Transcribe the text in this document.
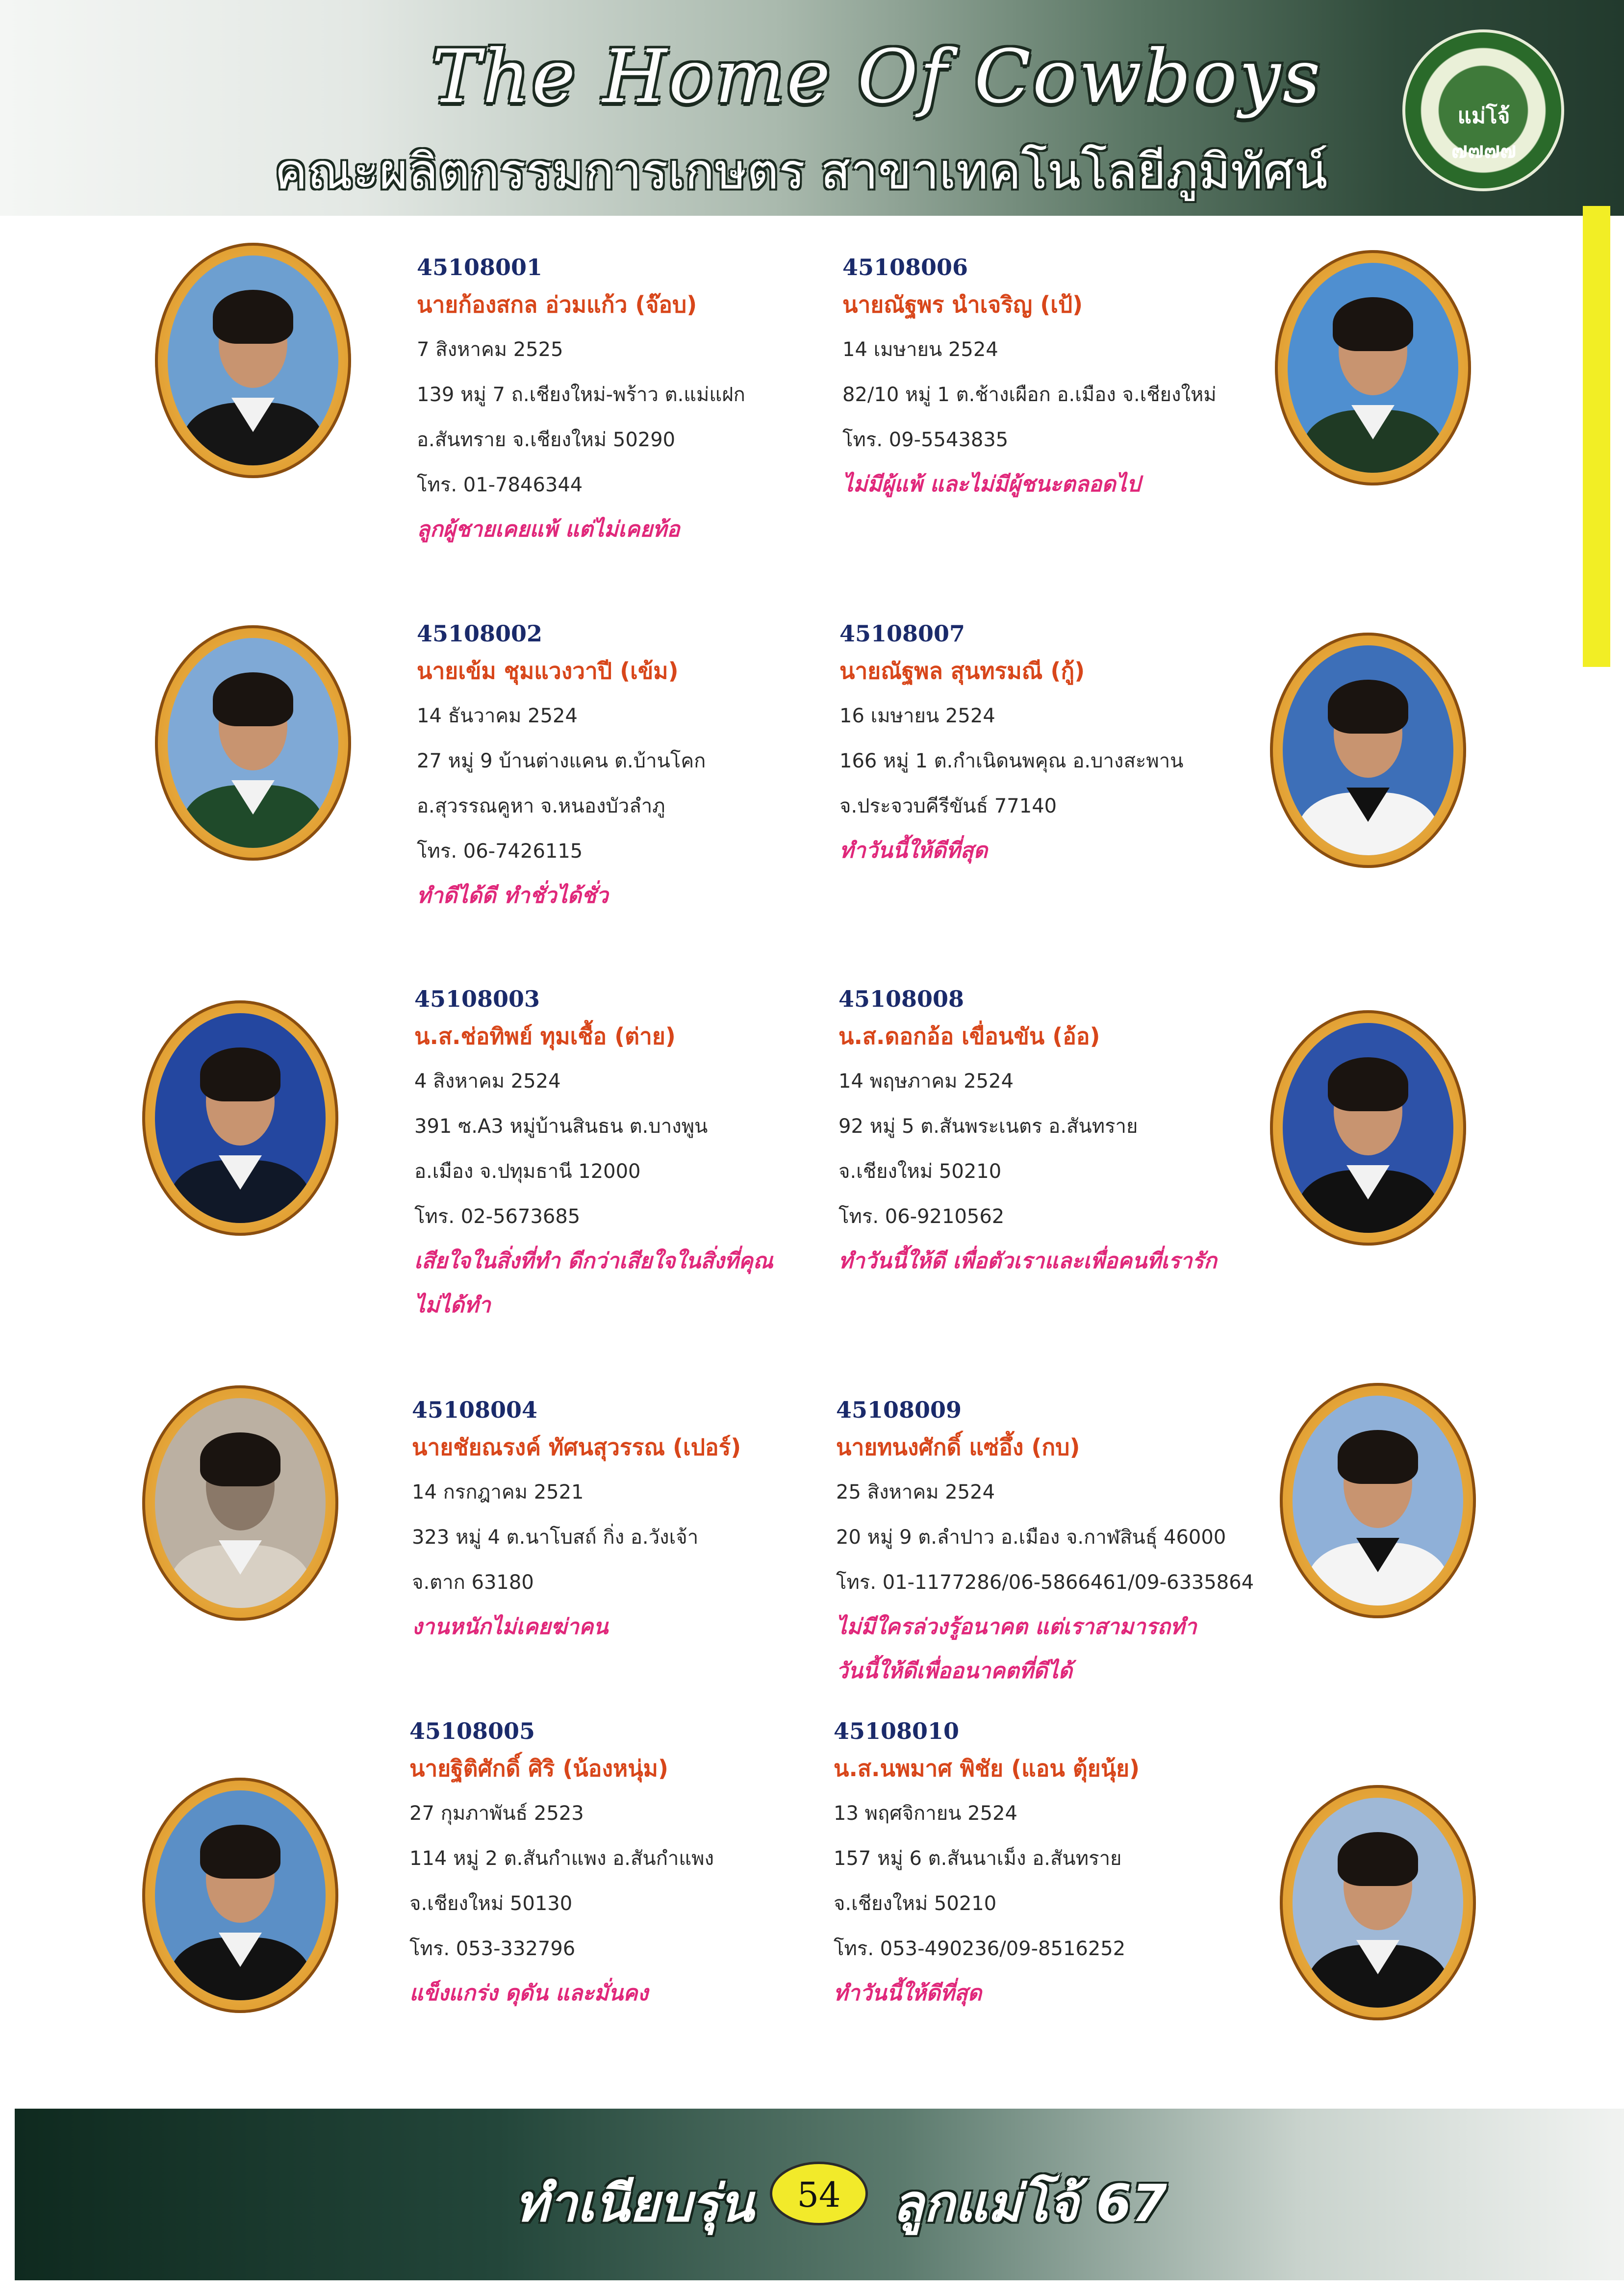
The Home Of Cowboys
คณะผลิตกรรมการเกษตร สาขาเทคโนโลยีภูมิทัศน์
แม่โจ้ ๗๗๗๗
45108001
นายก้องสกล อ่วมแก้ว (จ๊อบ)
7 สิงหาคม 2525
139 หมู่ 7 ถ.เชียงใหม่-พร้าว ต.แม่แฝก
อ.สันทราย จ.เชียงใหม่ 50290
โทร. 01-7846344
ลูกผู้ชายเคยแพ้ แต่ไม่เคยท้อ
45108002
นายเข้ม ชุมแวงวาปี (เข้ม)
14 ธันวาคม 2524
27 หมู่ 9 บ้านต่างแคน ต.บ้านโคก
อ.สุวรรณคูหา จ.หนองบัวลำภู
โทร. 06-7426115
ทำดีได้ดี ทำชั่วได้ชั่ว
45108003
น.ส.ช่อทิพย์ ทุมเชื้อ (ต่าย)
4 สิงหาคม 2524
391 ซ.A3 หมู่บ้านสินธน ต.บางพูน
อ.เมือง จ.ปทุมธานี 12000
โทร. 02-5673685
เสียใจในสิ่งที่ทำ ดีกว่าเสียใจในสิ่งที่คุณไม่ได้ทำ
45108004
นายชัยณรงค์ ทัศนสุวรรณ (เปอร์)
14 กรกฎาคม 2521
323 หมู่ 4 ต.นาโบสถ์ กิ่ง อ.วังเจ้า
จ.ตาก 63180
งานหนักไม่เคยฆ่าคน
45108005
นายฐิติศักดิ์ ศิริ (น้องหนุ่ม)
27 กุมภาพันธ์ 2523
114 หมู่ 2 ต.สันกำแพง อ.สันกำแพง
จ.เชียงใหม่ 50130
โทร. 053-332796
แข็งแกร่ง ดุดัน และมั่นคง
45108006
นายณัฐพร นำเจริญ (เป้)
14 เมษายน 2524
82/10 หมู่ 1 ต.ช้างเผือก อ.เมือง จ.เชียงใหม่
โทร. 09-5543835
ไม่มีผู้แพ้ และไม่มีผู้ชนะตลอดไป
45108007
นายณัฐพล สุนทรมณี (กู้)
16 เมษายน 2524
166 หมู่ 1 ต.กำเนิดนพคุณ อ.บางสะพาน
จ.ประจวบคีรีขันธ์ 77140
ทำวันนี้ให้ดีที่สุด
45108008
น.ส.ดอกอ้อ เขื่อนขัน (อ้อ)
14 พฤษภาคม 2524
92 หมู่ 5 ต.สันพระเนตร อ.สันทราย
จ.เชียงใหม่ 50210
โทร. 06-9210562
ทำวันนี้ให้ดี เพื่อตัวเราและเพื่อคนที่เรารัก
45108009
นายทนงศักดิ์ แซ่อึ้ง (กบ)
25 สิงหาคม 2524
20 หมู่ 9 ต.ลำปาว อ.เมือง จ.กาฬสินธุ์ 46000
โทร. 01-1177286/06-5866461/09-6335864
ไม่มีใครล่วงรู้อนาคต แต่เราสามารถทำวันนี้ให้ดีเพื่ออนาคตที่ดีได้
45108010
น.ส.นพมาศ พิชัย (แอน ตุ้ยนุ้ย)
13 พฤศจิกายน 2524
157 หมู่ 6 ต.สันนาเม็ง อ.สันทราย
จ.เชียงใหม่ 50210
โทร. 053-490236/09-8516252
ทำวันนี้ให้ดีที่สุด
ทำเนียบรุ่น	54	ลูกแม่โจ้ 67
